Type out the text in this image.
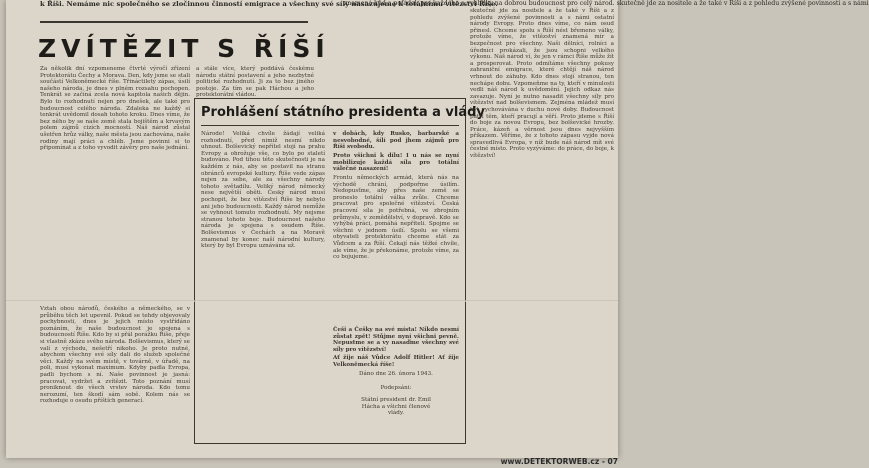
k Říši. Nemáme nic společného se zločinnou činností emigrace a všechny své síly nasazujeme k totálnímu vítězství Říše.
znamená kůd a pofádek pro každého a vyhlídky na dobrou budoucnost pro celý národ. skutečně jde za nositele a že také v Říši a z pohledu zvýšené povinnosti a s námi
ZVÍTĚZIT S ŘÍŠÍ
Za několik dní vzpomeneme čtvrté výročí zřízení Protektorátu Čechy a Morava. Den, kdy jsme se stali součástí Velkoněmecké říše. Třináctiletý zápas, úsilí našeho národa, je dnes v plném rozsahu pochopen. Tenkrát se začíná zcela nová kapitola našich dějin. Bylo to rozhodnutí nejen pro dnešek, ale také pro budoucnost celého národa. Zdaleka ne každý si tenkrát uvědomil dosah tohoto kroku. Dnes víme, že bez něho by se naše země stala bojištěm a krvavým polem zájmů cizích mocností. Náš národ zůstal ušetřen hrůz války, naše města jsou zachována, naše rodiny mají práci a chléb. Jsme povinni si to připomínat a z toho vyvodit závěry pro naše jednání.
Vztah obou národů, českého a německého, se v průběhu těch let upevnil. Pokud se tehdy objevovaly pochybnosti, dnes je jejich místo vystřídáno poznáním, že naše budoucnost je spojena s budoucností Říše. Kdo by si přál porážku Říše, přeje si vlastně zkázu svého národa. Bolševismus, který se valí z východu, nešetří nikoho. Je proto nutné, abychom všechny své síly dali do služeb společné věci. Každý na svém místě, v továrně, v úřadě, na poli, musí vykonat maximum. Kdyby padla Evropa, padli bychom s ní. Naše povinnost je jasná: pracovat, vydržet a zvítězit. Toto poznání musí proniknout do všech vrstev národa. Kdo tomu nerozumí, ten škodí sám sobě. Kolem nás se rozhoduje o osudu příštích generací.
a stále více, který poddává českému národu státní postavení a jeho nezbytné politické rozhodnutí. Ji za to bez jiného postoje. Za tím se pak Háchou a jeho protektorátní vládou.
Prohlášení státního presidenta a vlády
Národe! Veliká chvíle žádají veliká rozhodnutí, před nimiž nesmí nikdo uhnout. Bolševický nepřítel stojí na prahu Evropy a ohrožuje vše, co bylo po staletí budováno. Pod tíhou této skutečnosti je na každém z nás, aby se postavil na stranu obránců evropské kultury. Říše vede zápas nejen za sebe, ale za všechny národy tohoto světadílu. Veliký národ německý nese největší oběti. Český národ musí pochopit, že bez vítězství Říše by nebylo ani jeho budoucnosti. Každý národ nemůže se vyhnout tomuto rozhodnutí. My nejsme stranou tohoto boje. Budoucnost našeho národa je spojena s osudem Říše. Bolševismus v Čechách a na Moravě znamenal by konec naší národní kultury, který by byl Evropu uznávána už.
v dobách, kdy Rusko, barbarské a nesvobodné, šílí pod jhem zájmů pro Říši svobodu.
Proto všichni k dílu! I u nás se nyní mobilizuje každá síla pro totální válečné nasazení!
Frontu německých armád, která nás na východě chrání, podpořme úsilím. Nedopusťme, aby přes naše země se proneslo totální válka zvůle. Chceme pracovat pro společné vítězství. Česká pracovní síla je potřebná, ve zbrojním průmyslu, v zemědělství, v dopravě. Kdo se vyhýbá práci, pomáhá nepříteli. Spojme se všichni v jednom úsilí. Spolu se všemi obyvateli protektorátu chceme stát za Vůdcem a za Říší. Čekají nás těžké chvíle, ale víme, že je překonáme, protože víme, za co bojujeme.
Češi a Češky na své místa! Nikdo nesmí zůstat zpět! Stůjme nyní všichni pevně. Nepustme se a vy nasaďme všechny své síly pro vítězství!
Ať žije náš Vůdce Adolf Hitler! Ať žije Velkoněmecká říše!
Dáno dne 26. února 1943.
Podepsáni:
Státní president dr. Emil Hácha a všichni členové vlády.
skutečně jde za nositele a že také v Říši a z pohledu zvýšené povinnosti a s námi ostatní národy Evropy. Proto dnes víme, co nám osud přinesl. Chceme spolu s Říší nést břemeno války, protože víme, že vítězství znamená mír a bezpečnost pro všechny. Naši dělníci, rolníci a úředníci prokázali, že jsou schopni velkého výkonu. Náš národ ví, že jen v rámci Říše může žít a prosperovat. Proto odmítáme všechny pokusy zahraniční emigrace, které chtějí náš národ vrhnout do záhuby. Kdo dnes stojí stranou, ten nechápe dobu. Vzpomeňme na ty, kteří v minulosti vedli náš národ k uvědomění. Jejich odkaz nás zavazuje. Nyní je nutno nasadit všechny síly pro vítězství nad bolševismem. Zejména mládež musí být vychovávána v duchu nové doby. Budoucnost patří těm, kteří pracují a věří. Proto jdeme s Říší do boje za novou Evropu, bez bolševické hrozby. Práce, kázeň a věrnost jsou dnes nejvyšším příkazem. Věříme, že z tohoto zápasu vyjde nová spravedlivá Evropa, v níž bude náš národ mít své čestné místo. Proto vyzýváme: do práce, do boje, k vítězství!
www.DETEKTORWEB.cz - 07
